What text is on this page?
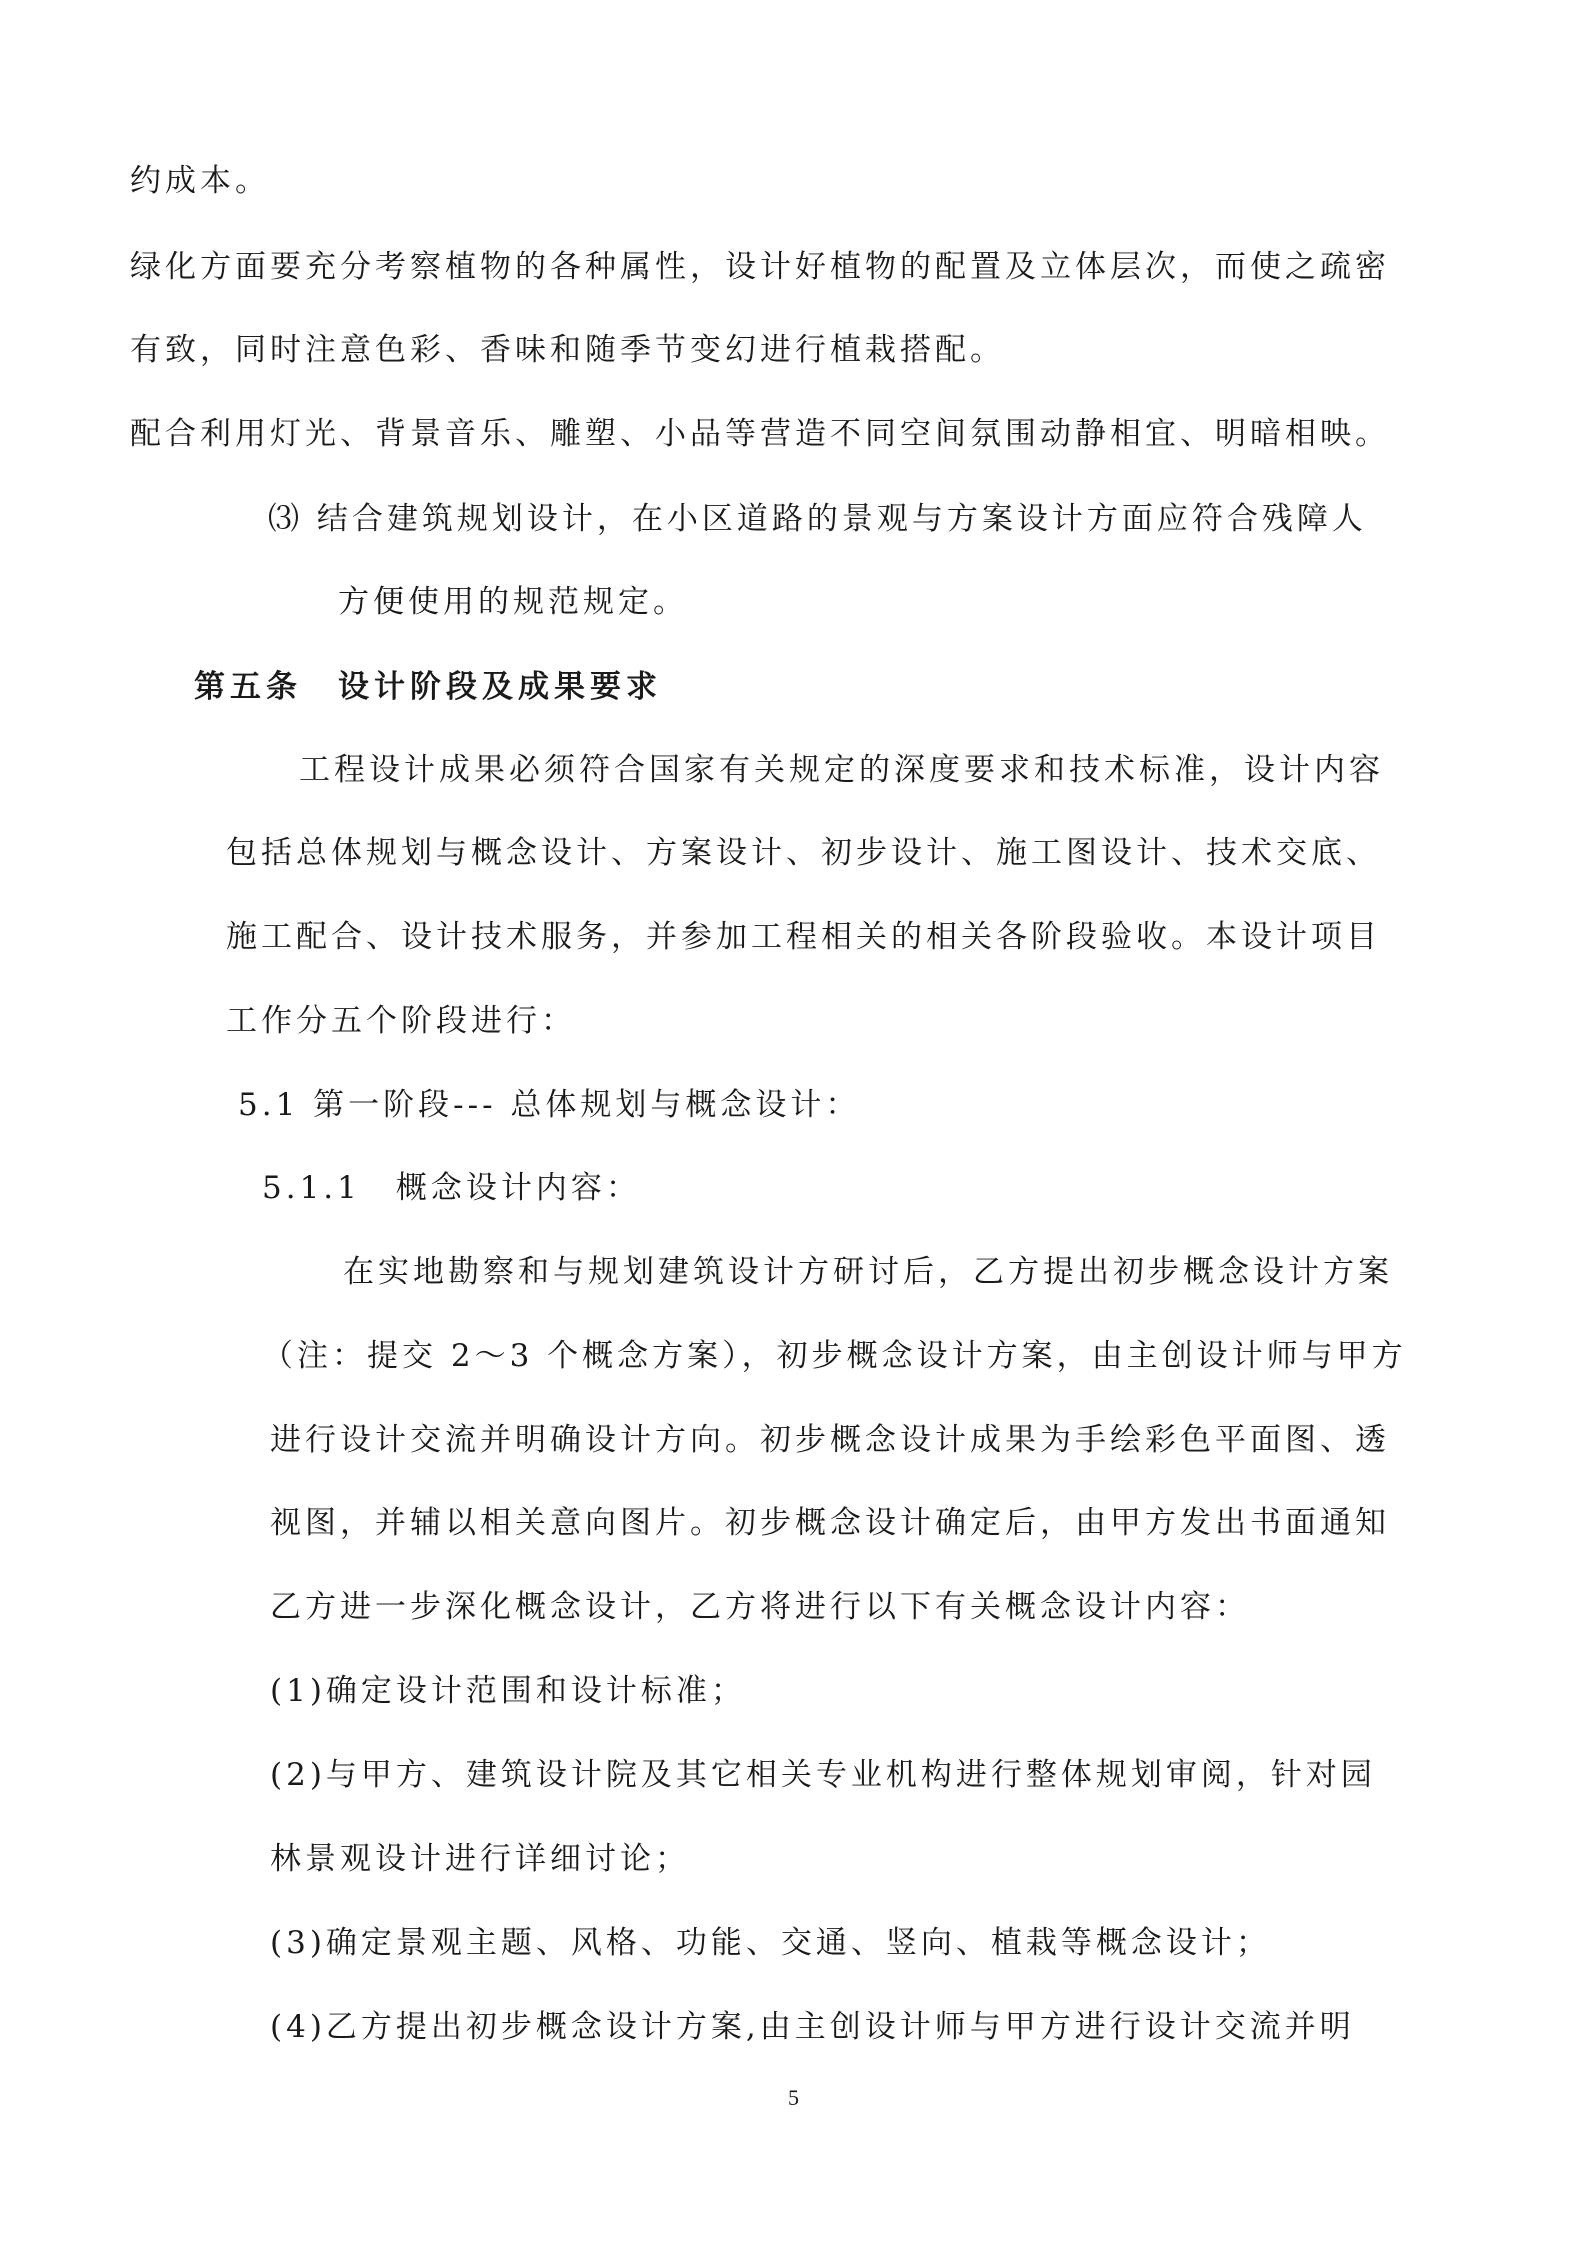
约成本。

绿化方面要充分考察植物的各种属性，设计好植物的配置及立体层次，而使之疏密

有致，同时注意色彩、香味和随季节变幻进行植栽搭配。

配合利用灯光、背景音乐、雕塑、小品等营造不同空间氛围动静相宜、明暗相映。

⑶ 结合建筑规划设计，在小区道路的景观与方案设计方面应符合残障人

方便使用的规范规定。

第五条　设计阶段及成果要求

工程设计成果必须符合国家有关规定的深度要求和技术标准，设计内容

包括总体规划与概念设计、方案设计、初步设计、施工图设计、技术交底、

施工配合、设计技术服务，并参加工程相关的相关各阶段验收。本设计项目

工作分五个阶段进行：

5.1 第一阶段--- 总体规划与概念设计：

5.1.1　概念设计内容：

在实地勘察和与规划建筑设计方研讨后，乙方提出初步概念设计方案

（注：提交 2～3 个概念方案），初步概念设计方案，由主创设计师与甲方

进行设计交流并明确设计方向。初步概念设计成果为手绘彩色平面图、透

视图，并辅以相关意向图片。初步概念设计确定后，由甲方发出书面通知

乙方进一步深化概念设计，乙方将进行以下有关概念设计内容：

(1)确定设计范围和设计标准；

(2)与甲方、建筑设计院及其它相关专业机构进行整体规划审阅，针对园

林景观设计进行详细讨论；

(3)确定景观主题、风格、功能、交通、竖向、植栽等概念设计；

(4)乙方提出初步概念设计方案,由主创设计师与甲方进行设计交流并明

5
